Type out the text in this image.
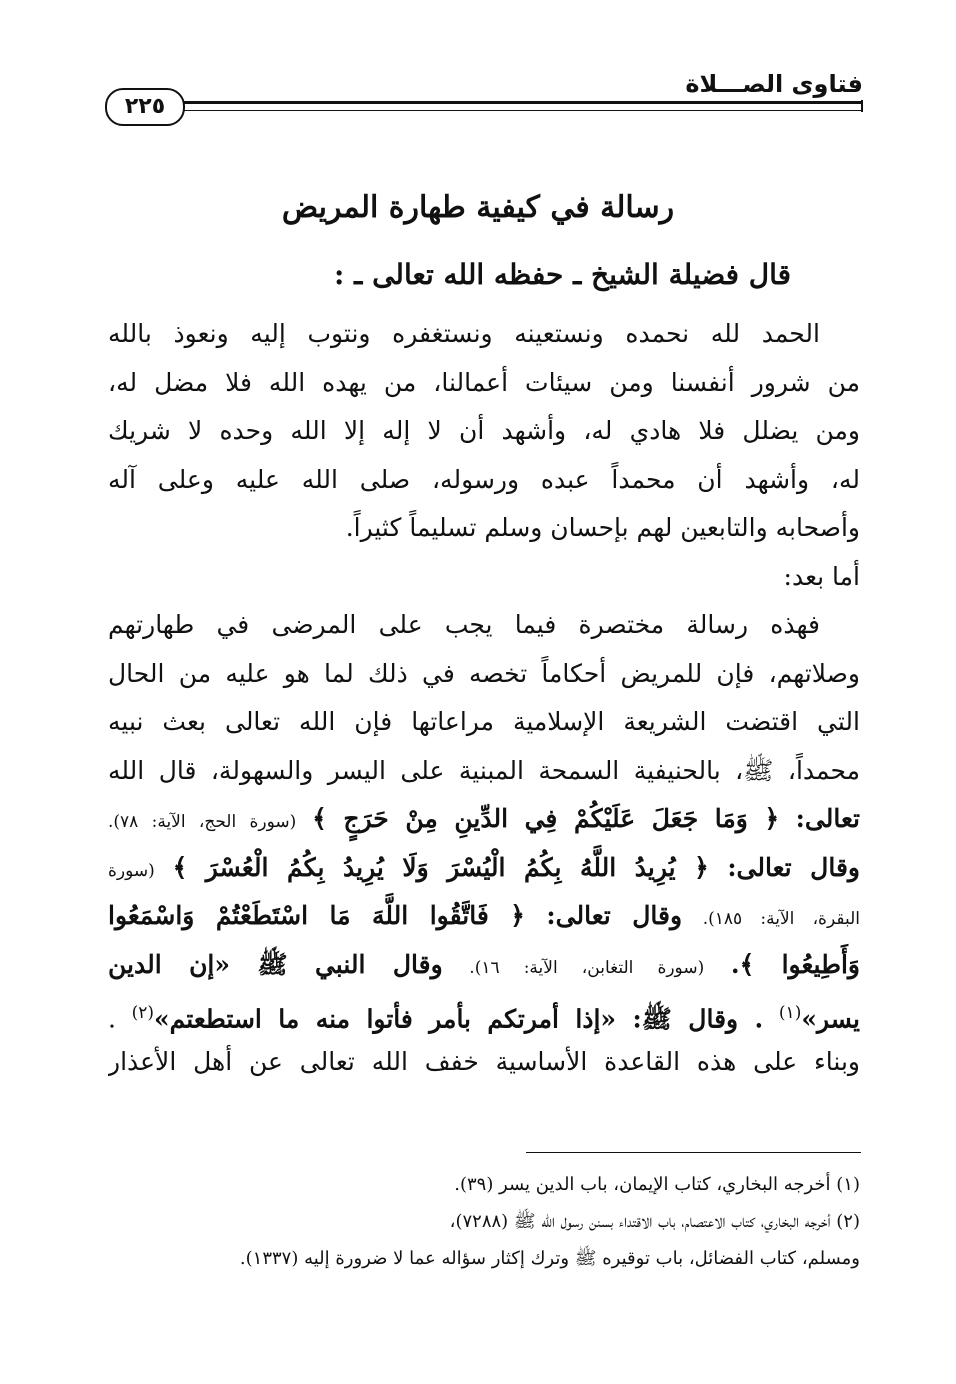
فتاوى الصـــلاة
٢٢٥
رسالة في كيفية طهارة المريض
قال فضيلة الشيخ ـ حفظه الله تعالى ـ :
الحمد لله نحمده ونستعينه ونستغفره ونتوب إليه ونعوذ بالله
من شرور أنفسنا ومن سيئات أعمالنا، من يهده الله فلا مضل له،
ومن يضلل فلا هادي له، وأشهد أن لا إله إلا الله وحده لا شريك
له، وأشهد أن محمداً عبده ورسوله، صلى الله عليه وعلى آله
وأصحابه والتابعين لهم بإحسان وسلم تسليماً كثيراً.
أما بعد:
فهذه رسالة مختصرة فيما يجب على المرضى في طهارتهم
وصلاتهم، فإن للمريض أحكاماً تخصه في ذلك لما هو عليه من الحال
التي اقتضت الشريعة الإسلامية مراعاتها فإن الله تعالى بعث نبيه
محمداً، ﷺ، بالحنيفية السمحة المبنية على اليسر والسهولة، قال الله
تعالى: ﴿ وَمَا جَعَلَ عَلَيْكُمْ فِي الدِّينِ مِنْ حَرَجٍ ﴾ (سورة الحج، الآية: ٧٨).
وقال تعالى: ﴿ يُرِيدُ اللَّهُ بِكُمُ الْيُسْرَ وَلَا يُرِيدُ بِكُمُ الْعُسْرَ ﴾ (سورة
البقرة، الآية: ١٨٥). وقال تعالى: ﴿ فَاتَّقُوا اللَّهَ مَا اسْتَطَعْتُمْ وَاسْمَعُوا
وَأَطِيعُوا ﴾. (سورة التغابن، الآية: ١٦). وقال النبي ﷺ «إن الدين
يسر»$^{(١)}$ . وقال ﷺ: «إذا أمرتكم بأمر فأتوا منه ما استطعتم»$^{(٢)}$ .
وبناء على هذه القاعدة الأساسية خفف الله تعالى عن أهل الأعذار
(١) أخرجه البخاري، كتاب الإيمان، باب الدين يسر (٣٩).
(٢) أخرجه البخاري، كتاب الاعتصام، باب الاقتداء بسنن رسول الله ﷺ (٧٢٨٨)،
ومسلم، كتاب الفضائل، باب توقيره ﷺ وترك إكثار سؤاله عما لا ضرورة إليه (١٣٣٧).
